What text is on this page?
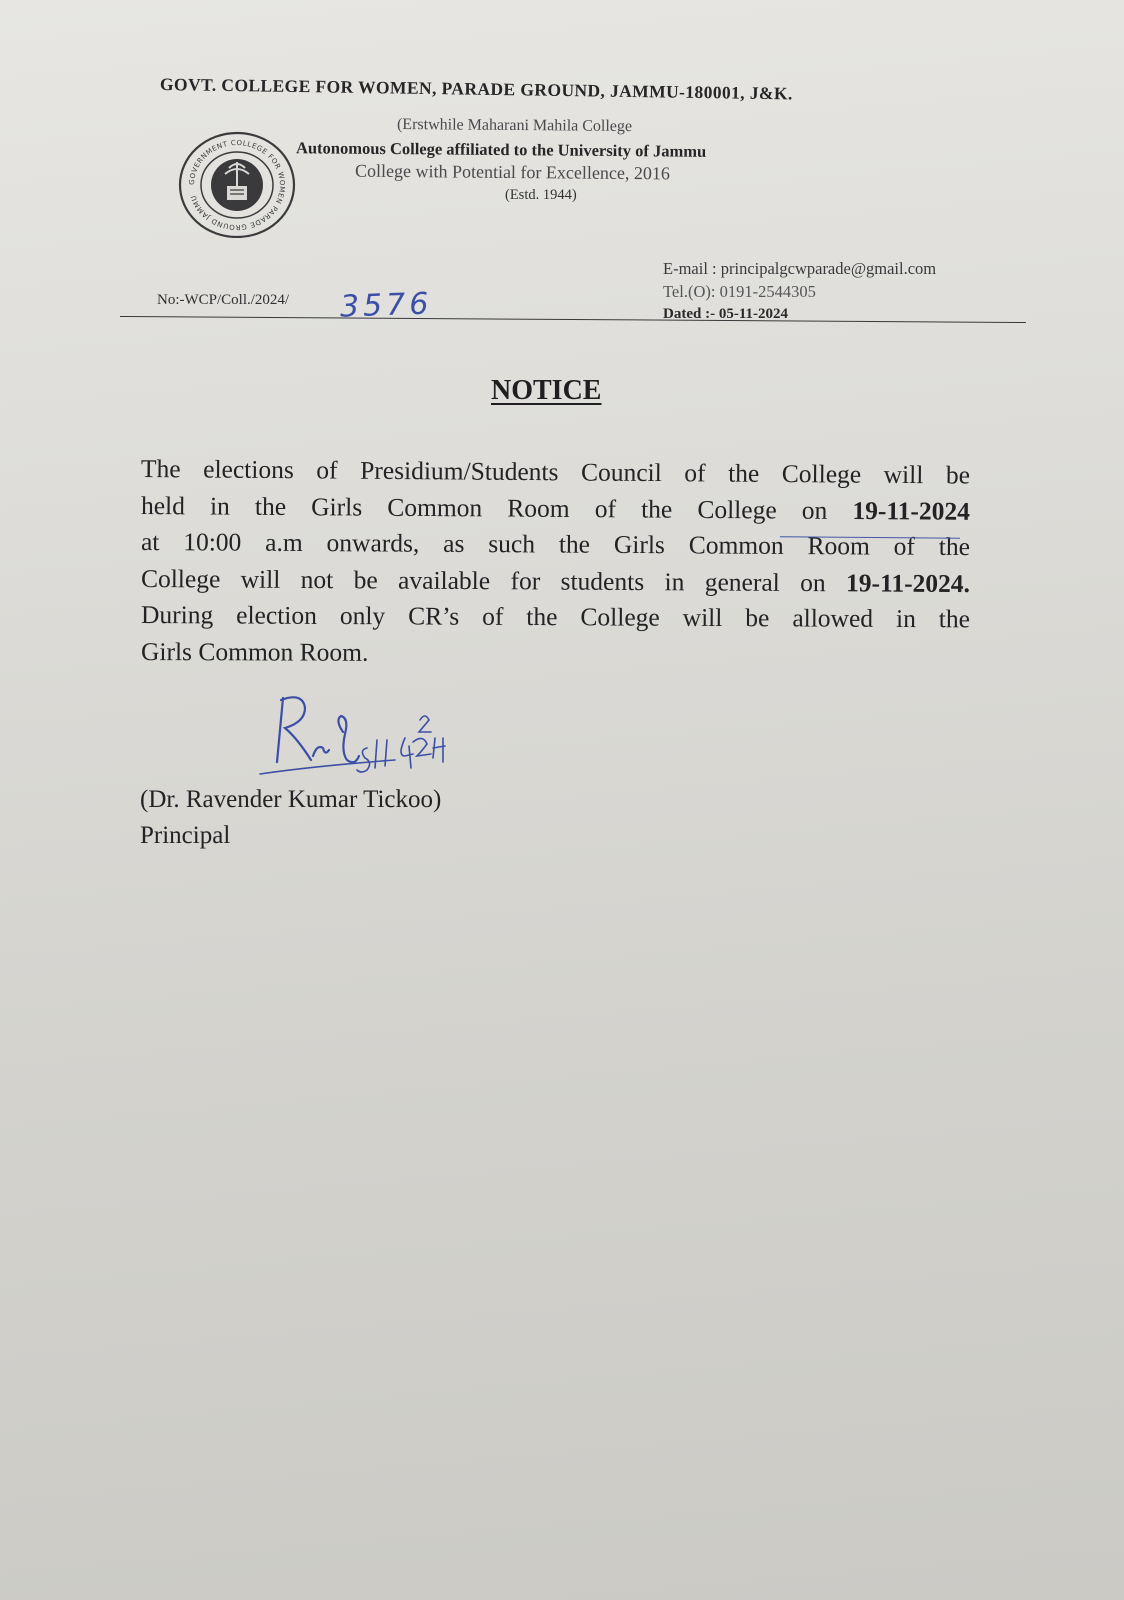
GOVT. COLLEGE FOR WOMEN, PARADE GROUND, JAMMU-180001, J&K.

(Erstwhile Maharani Mahila College

Autonomous College affiliated to the University of Jammu

College with Potential for Excellence, 2016

(Estd. 1944)

GOVERNMENT COLLEGE FOR WOMEN PARADE GROUND JAMMU

E-mail : principalgcwparade@gmail.com

Tel.(O): 0191-2544305

Dated :- 05-11-2024

No:-WCP/Coll./2024/ 3576

NOTICE

The elections of Presidium/Students Council of the College will be

held in the Girls Common Room of the College on 19-11-2024

at 10:00 a.m onwards, as such the Girls Common Room of the

College will not be available for students in general on 19-11-2024.

During election only CR’s of the College will be allowed in the

Girls Common Room.

(Dr. Ravender Kumar Tickoo)

Principal
